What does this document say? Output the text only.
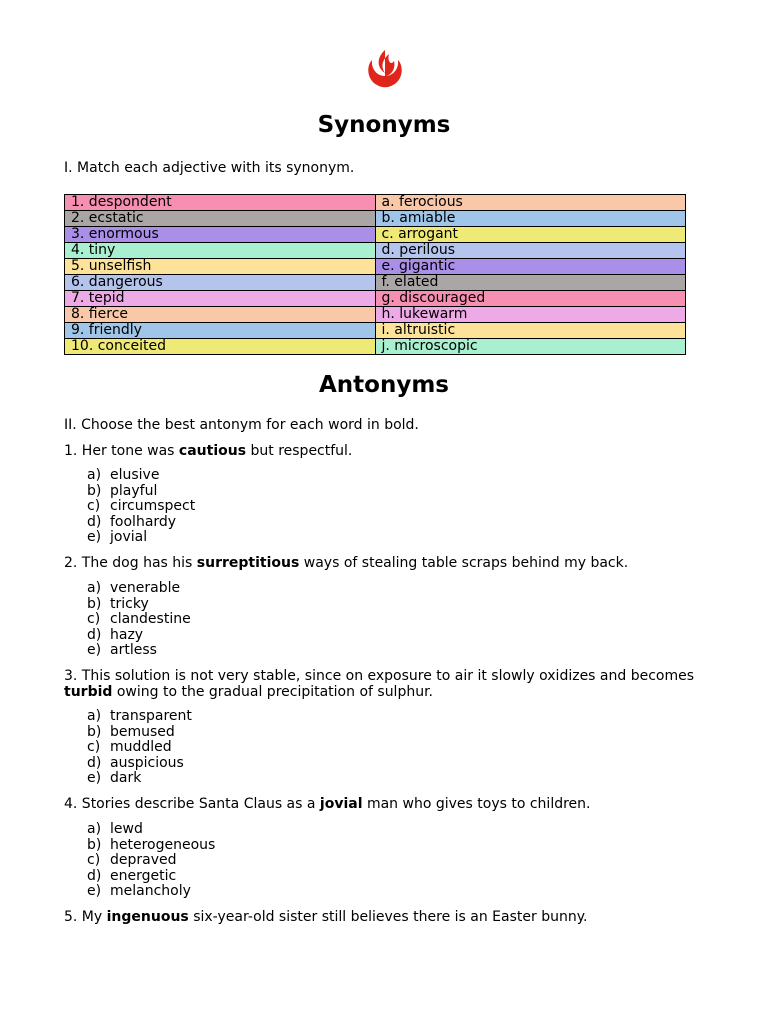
Synonyms
I. Match each adjective with its synonym.
1. despondent	a. ferocious
2. ecstatic	b. amiable
3. enormous	c. arrogant
4. tiny	d. perilous
5. unselfish	e. gigantic
6. dangerous	f. elated
7. tepid	g. discouraged
8. fierce	h. lukewarm
9. friendly	i. altruistic
10. conceited	j. microscopic
Antonyms
II. Choose the best antonym for each word in bold.
1. Her tone was cautious but respectful.
a) elusive
b) playful
c) circumspect
d) foolhardy
e) jovial
2. The dog has his surreptitious ways of stealing table scraps behind my back.
a) venerable
b) tricky
c) clandestine
d) hazy
e) artless
3. This solution is not very stable, since on exposure to air it slowly oxidizes and becomes turbid owing to the gradual precipitation of sulphur.
a) transparent
b) bemused
c) muddled
d) auspicious
e) dark
4. Stories describe Santa Claus as a jovial man who gives toys to children.
a) lewd
b) heterogeneous
c) depraved
d) energetic
e) melancholy
5. My ingenuous six-year-old sister still believes there is an Easter bunny.
